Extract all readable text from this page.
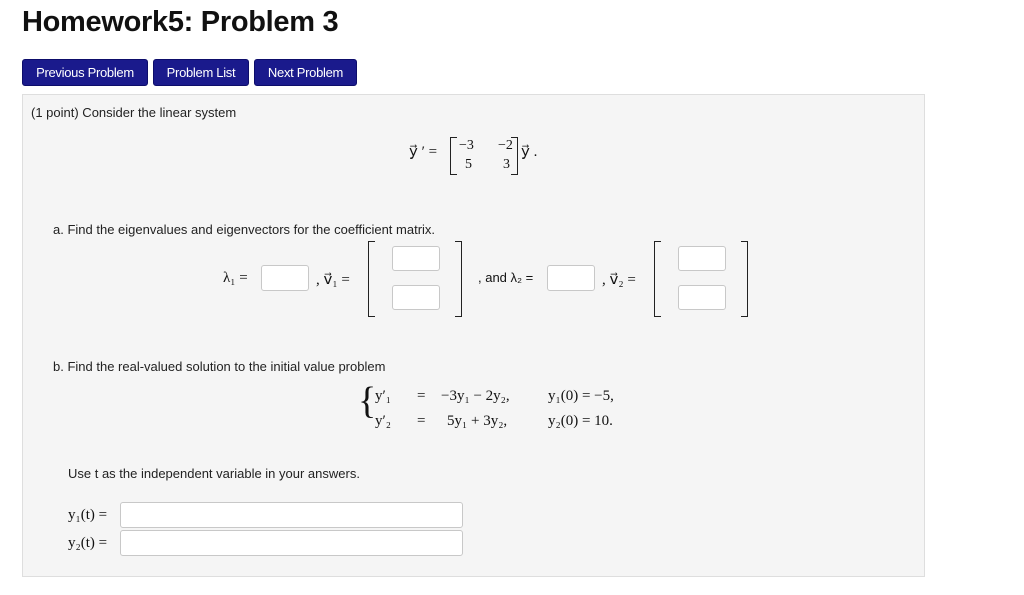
Homework5: Problem 3
Previous Problem	Problem List	Next Problem
(1 point) Consider the linear system
y⃗ ′ = −3 −2
5 3
y⃗ .
a. Find the eigenvalues and eigenvectors for the coefficient matrix.
λ₁ =	, v⃗₁ =	, and λ₂ =	, v⃗₂ =
b. Find the real-valued solution to the initial value problem
{
y′₁ = −3y₁ − 2y₂,	y₁(0) = −5,
y′₂ = 5y₁ + 3y₂,	y₂(0) = 10.
Use t as the independent variable in your answers.
y₁(t) =
y₂(t) =
